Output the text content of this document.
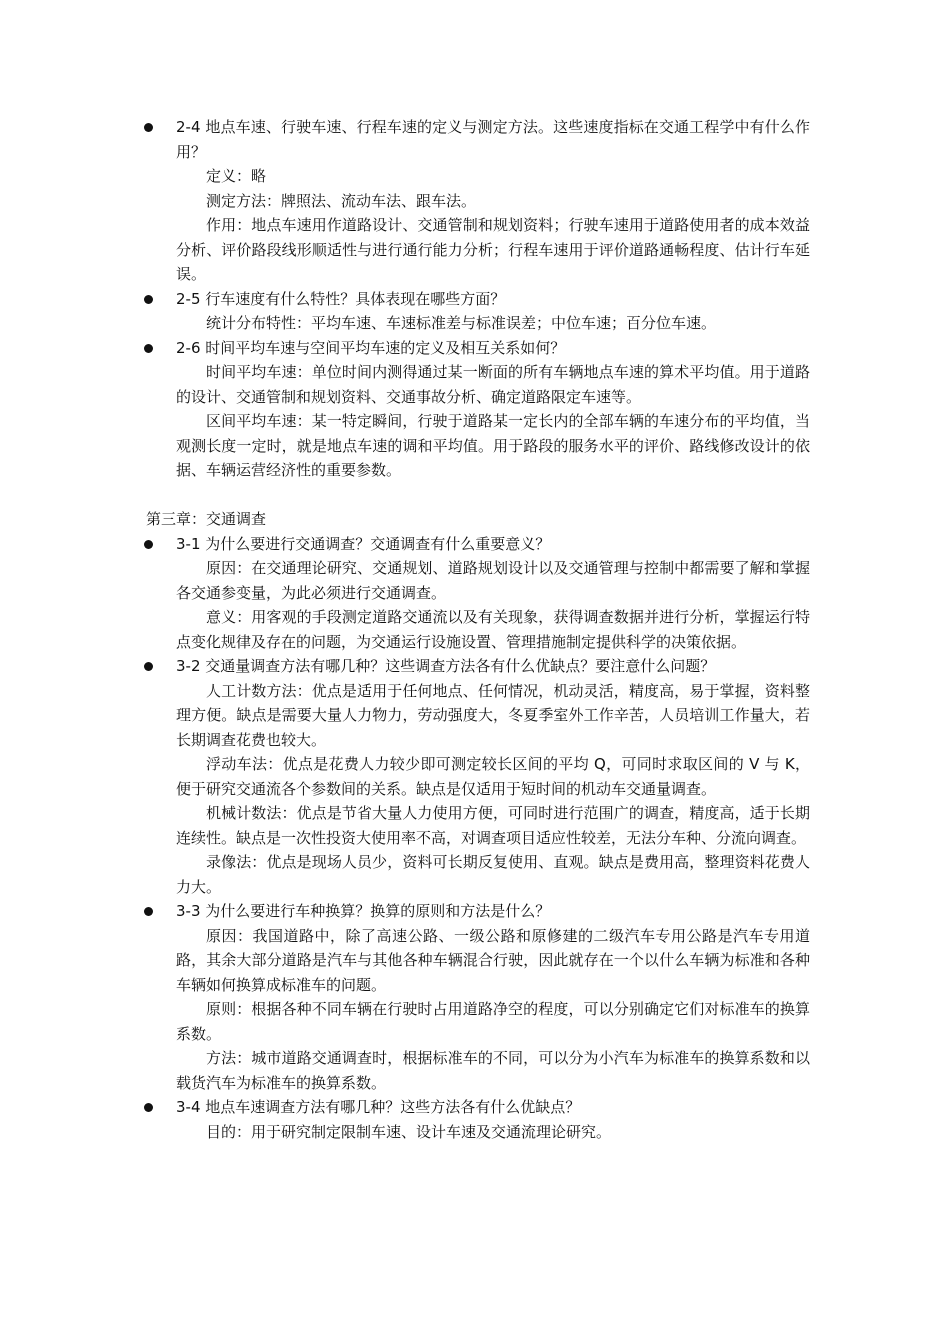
2-4 地点车速、行驶车速、行程车速的定义与测定方法。这些速度指标在交通工程学中有什么作用？
定义：略
测定方法：牌照法、流动车法、跟车法。
作用：地点车速用作道路设计、交通管制和规划资料；行驶车速用于道路使用者的成本效益分析、评价路段线形顺适性与进行通行能力分析；行程车速用于评价道路通畅程度、估计行车延误。
2-5 行车速度有什么特性？具体表现在哪些方面？
统计分布特性：平均车速、车速标准差与标准误差；中位车速；百分位车速。
2-6 时间平均车速与空间平均车速的定义及相互关系如何？
时间平均车速：单位时间内测得通过某一断面的所有车辆地点车速的算术平均值。用于道路的设计、交通管制和规划资料、交通事故分析、确定道路限定车速等。
区间平均车速：某一特定瞬间，行驶于道路某一定长内的全部车辆的车速分布的平均值，当观测长度一定时，就是地点车速的调和平均值。用于路段的服务水平的评价、路线修改设计的依据、车辆运营经济性的重要参数。
第三章：交通调查
3-1 为什么要进行交通调查？交通调查有什么重要意义？
原因：在交通理论研究、交通规划、道路规划设计以及交通管理与控制中都需要了解和掌握各交通参变量，为此必须进行交通调查。
意义：用客观的手段测定道路交通流以及有关现象，获得调查数据并进行分析，掌握运行特点变化规律及存在的问题，为交通运行设施设置、管理措施制定提供科学的决策依据。
3-2 交通量调查方法有哪几种？这些调查方法各有什么优缺点？要注意什么问题？
人工计数方法：优点是适用于任何地点、任何情况，机动灵活，精度高，易于掌握，资料整理方便。缺点是需要大量人力物力，劳动强度大，冬夏季室外工作辛苦，人员培训工作量大，若长期调查花费也较大。
浮动车法：优点是花费人力较少即可测定较长区间的平均 Q，可同时求取区间的 V 与 K，便于研究交通流各个参数间的关系。缺点是仅适用于短时间的机动车交通量调查。
机械计数法：优点是节省大量人力使用方便，可同时进行范围广的调查，精度高，适于长期连续性。缺点是一次性投资大使用率不高，对调查项目适应性较差，无法分车种、分流向调查。
录像法：优点是现场人员少，资料可长期反复使用、直观。缺点是费用高，整理资料花费人力大。
3-3 为什么要进行车种换算？换算的原则和方法是什么？
原因：我国道路中，除了高速公路、一级公路和原修建的二级汽车专用公路是汽车专用道路，其余大部分道路是汽车与其他各种车辆混合行驶，因此就存在一个以什么车辆为标准和各种车辆如何换算成标准车的问题。
原则：根据各种不同车辆在行驶时占用道路净空的程度，可以分别确定它们对标准车的换算系数。
方法：城市道路交通调查时，根据标准车的不同，可以分为小汽车为标准车的换算系数和以载货汽车为标准车的换算系数。
3-4 地点车速调查方法有哪几种？这些方法各有什么优缺点？
目的：用于研究制定限制车速、设计车速及交通流理论研究。
